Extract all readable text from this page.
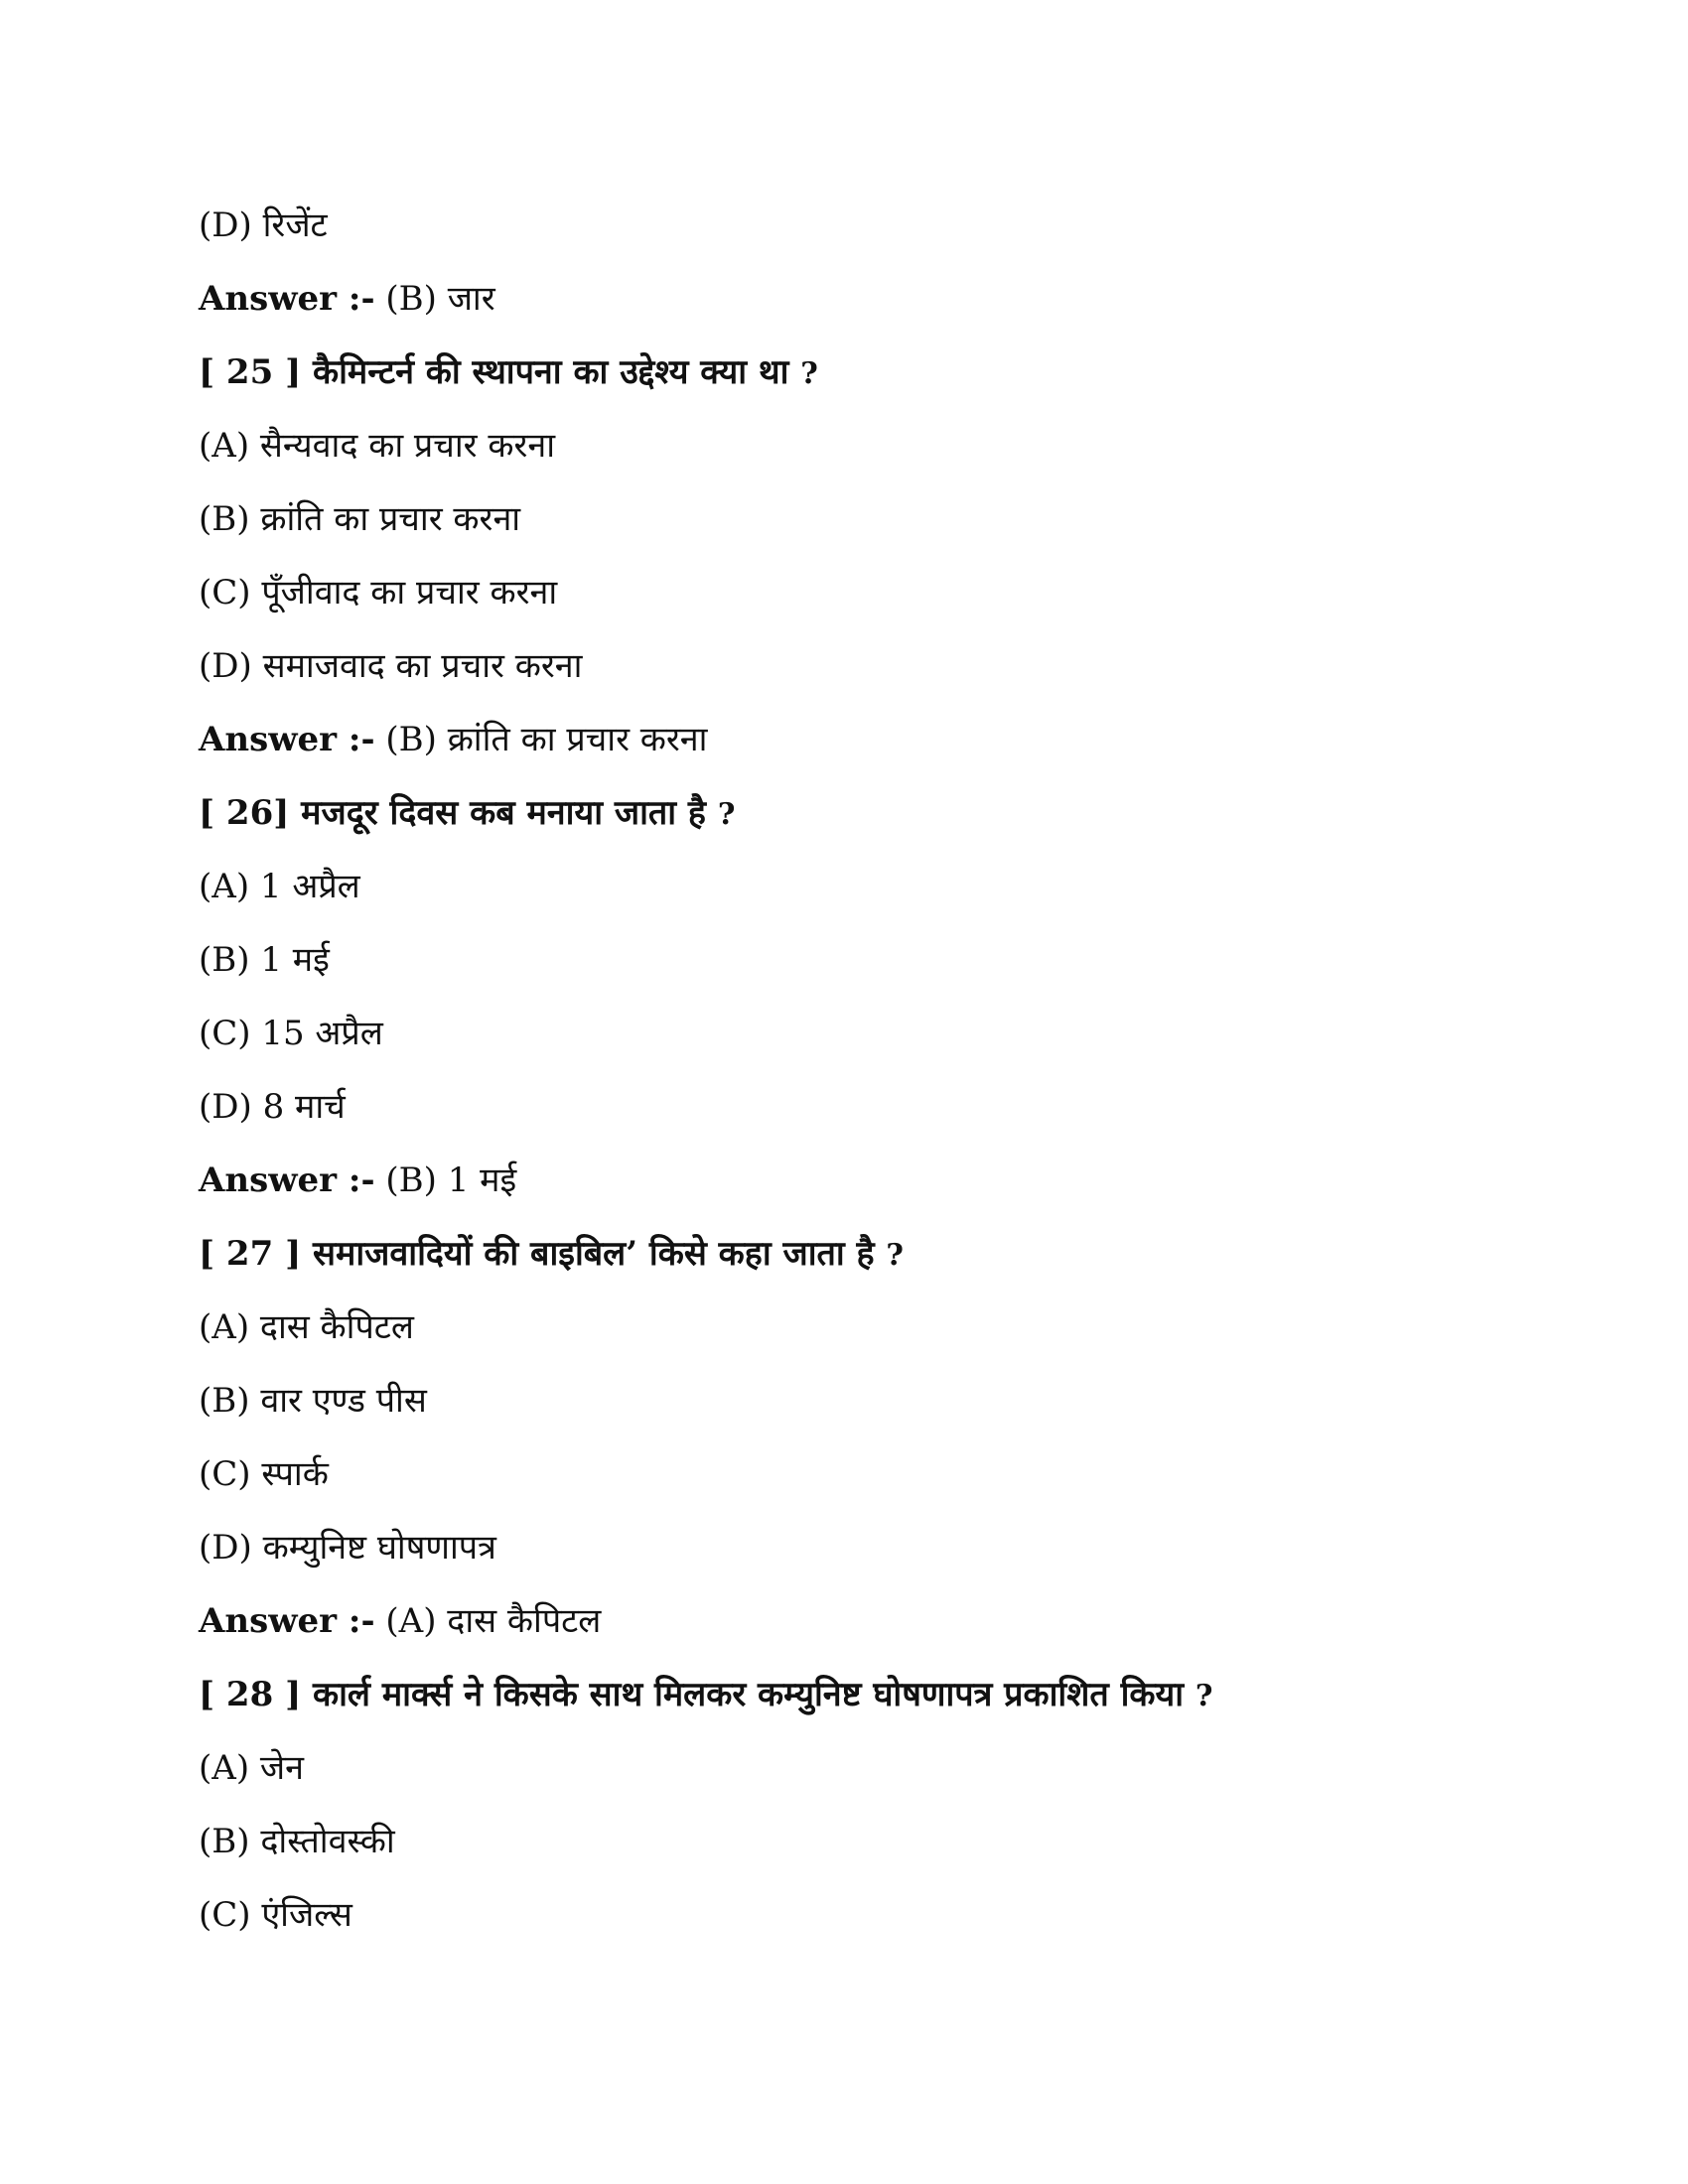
(D) रिजेंट
Answer :- (B) जार
[ 25 ] कैमिन्टर्न की स्थापना का उद्देश्य क्या था ?
(A) सैन्यवाद का प्रचार करना
(B) क्रांति का प्रचार करना
(C) पूँजीवाद का प्रचार करना
(D) समाजवाद का प्रचार करना
Answer :- (B) क्रांति का प्रचार करना
[ 26] मजदूर दिवस कब मनाया जाता है ?
(A) 1 अप्रैल
(B) 1 मई
(C) 15 अप्रैल
(D) 8 मार्च
Answer :- (B) 1 मई
[ 27 ] समाजवादियों की बाइबिल’ किसे कहा जाता है ?
(A) दास कैपिटल
(B) वार एण्ड पीस
(C) स्पार्क
(D) कम्युनिष्ट घोषणापत्र
Answer :- (A) दास कैपिटल
[ 28 ] कार्ल मार्क्स ने किसके साथ मिलकर कम्युनिष्ट घोषणापत्र प्रकाशित किया ?
(A) जेन
(B) दोस्तोवस्की
(C) एंजिल्स
